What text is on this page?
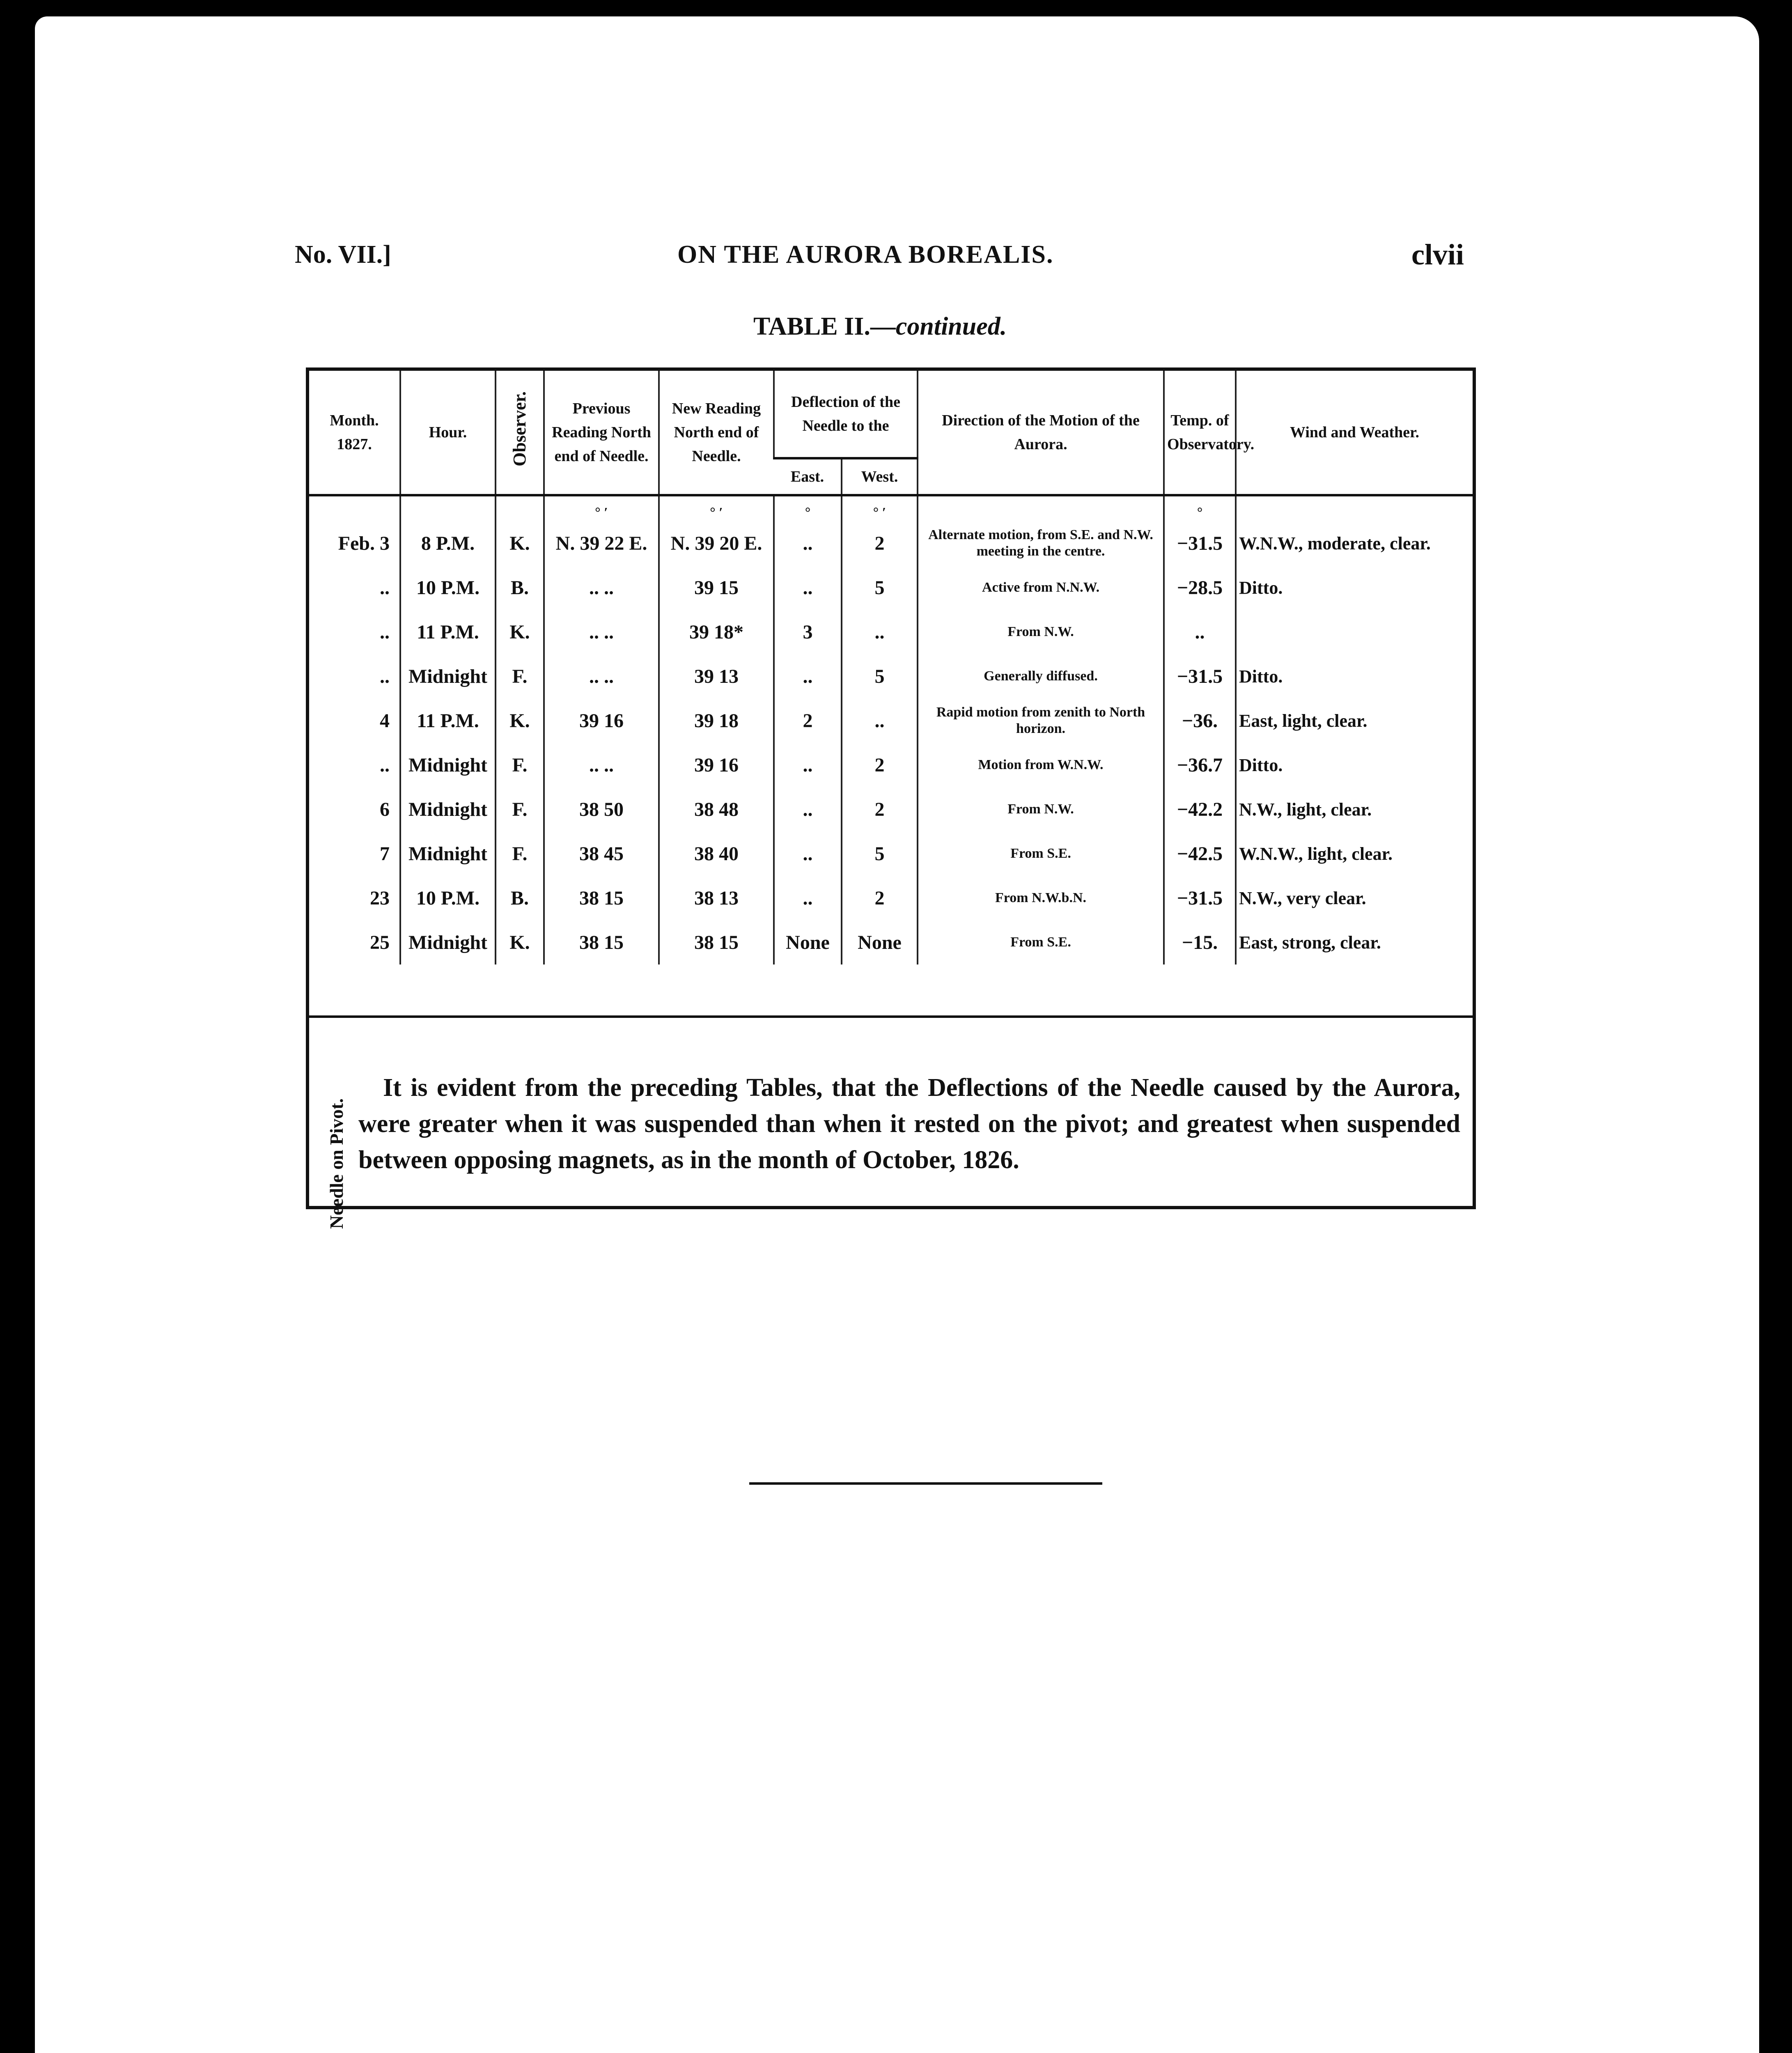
No. VII.]	ON THE AURORA BOREALIS.	clvii
TABLE II.—continued.
Month. 1827.	Hour.	Observer.	Previous Reading North end of Needle.	New Reading North end of Needle.	Deflection of the Needle to the		Direction of the Motion of the Aurora.	Temp. of Observatory.	Wind and Weather.
					East.	West.			
			° ′	° ′	°	° ′		°	
Feb. 3	8 P.M.	K.	N. 39 22 E.	N. 39 20 E.	..	2	Alternate motion, from S.E. and N.W. meeting in the centre.	−31.5	W.N.W., moderate, clear.
..	10 P.M.	B.	.. ..	39 15	..	5	Active from N.N.W.	−28.5	Ditto.
..	11 P.M.	K.	.. ..	39 18*	3	..	From N.W.	..	
..	Midnight	F.	.. ..	39 13	..	5	Generally diffused.	−31.5	Ditto.
4	11 P.M.	K.	39 16	39 18	2	..	Rapid motion from zenith to North horizon.	−36.	East, light, clear.
..	Midnight	F.	.. ..	39 16	..	2	Motion from W.N.W.	−36.7	Ditto.
6	Midnight	F.	38 50	38 48	..	2	From N.W.	−42.2	N.W., light, clear.
7	Midnight	F.	38 45	38 40	..	5	From S.E.	−42.5	W.N.W., light, clear.
23	10 P.M.	B.	38 15	38 13	..	2	From N.W.b.N.	−31.5	N.W., very clear.
25	Midnight	K.	38 15	38 15	None	None	From S.E.	−15.	East, strong, clear.
Needle on Pivot.

It is evident from the preceding Tables, that the Deflections of the Needle caused by the Aurora, were greater when it was suspended than when it rested on the pivot; and greatest when suspended between opposing magnets, as in the month of October, 1826.
